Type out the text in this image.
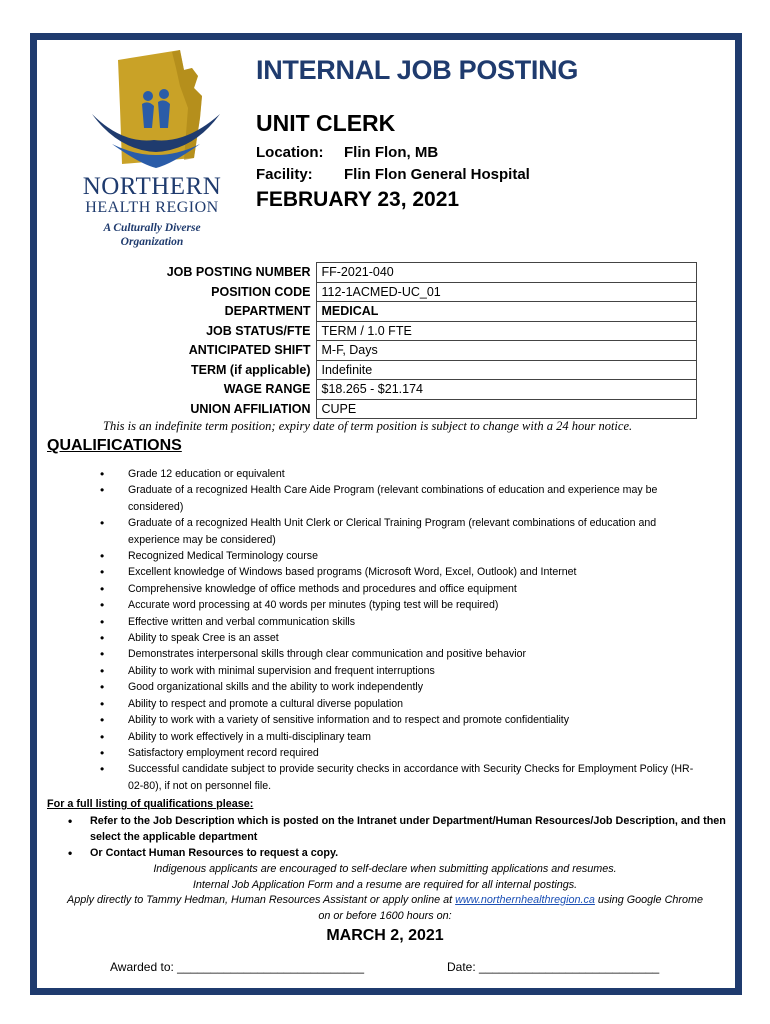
NORTHERN
HEALTH REGION
A Culturally Diverse Organization
INTERNAL JOB POSTING
UNIT CLERK
Location: Flin Flon, MB
Facility: Flin Flon General Hospital
FEBRUARY 23, 2021
JOB POSTING NUMBER	FF-2021-040
POSITION CODE	112-1ACMED-UC_01
DEPARTMENT	MEDICAL
JOB STATUS/FTE	TERM / 1.0 FTE
ANTICIPATED SHIFT	M-F, Days
TERM (if applicable)	Indefinite
WAGE RANGE	$18.265 - $21.174
UNION AFFILIATION	CUPE
This is an indefinite term position; expiry date of term position is subject to change with a 24 hour notice.
QUALIFICATIONS
• Grade 12 education or equivalent
• Graduate of a recognized Health Care Aide Program (relevant combinations of education and experience may be considered)
• Graduate of a recognized Health Unit Clerk or Clerical Training Program (relevant combinations of education and experience may be considered)
• Recognized Medical Terminology course
• Excellent knowledge of Windows based programs (Microsoft Word, Excel, Outlook) and Internet
• Comprehensive knowledge of office methods and procedures and office equipment
• Accurate word processing at 40 words per minutes (typing test will be required)
• Effective written and verbal communication skills
• Ability to speak Cree is an asset
• Demonstrates interpersonal skills through clear communication and positive behavior
• Ability to work with minimal supervision and frequent interruptions
• Good organizational skills and the ability to work independently
• Ability to respect and promote a cultural diverse population
• Ability to work with a variety of sensitive information and to respect and promote confidentiality
• Ability to work effectively in a multi-disciplinary team
• Satisfactory employment record required
• Successful candidate subject to provide security checks in accordance with Security Checks for Employment Policy (HR-02-80), if not on personnel file.
For a full listing of qualifications please:
• Refer to the Job Description which is posted on the Intranet under Department/Human Resources/Job Description, and then select the applicable department
• Or Contact Human Resources to request a copy.
Indigenous applicants are encouraged to self-declare when submitting applications and resumes.
Internal Job Application Form and a resume are required for all internal postings.
Apply directly to Tammy Hedman, Human Resources Assistant or apply online at www.northernhealthregion.ca using Google Chrome
on or before 1600 hours on:
MARCH 2, 2021
Awarded to: ____________________________	Date: ___________________________
